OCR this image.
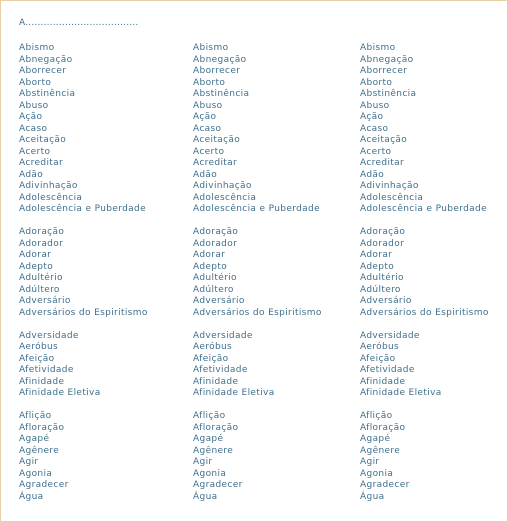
A.....................................
Abismo
Abnegação
Aborrecer
Aborto
Abstinência
Abuso
Ação
Acaso
Aceitação
Acerto
Acreditar
Adão
Adivinhação
Adolescência
Adolescência e Puberdade
Adoração
Adorador
Adorar
Adepto
Adultério
Adúltero
Adversário
Adversários do Espiritismo
Adversidade
Aeróbus
Afeição
Afetividade
Afinidade
Afinidade Eletiva
Aflição
Afloração
Agapé
Agênere
Agir
Agonia
Agradecer
Água
Abismo
Abnegação
Aborrecer
Aborto
Abstinência
Abuso
Ação
Acaso
Aceitação
Acerto
Acreditar
Adão
Adivinhação
Adolescência
Adolescência e Puberdade
Adoração
Adorador
Adorar
Adepto
Adultério
Adúltero
Adversário
Adversários do Espiritismo
Adversidade
Aeróbus
Afeição
Afetividade
Afinidade
Afinidade Eletiva
Aflição
Afloração
Agapé
Agênere
Agir
Agonia
Agradecer
Água
Abismo
Abnegação
Aborrecer
Aborto
Abstinência
Abuso
Ação
Acaso
Aceitação
Acerto
Acreditar
Adão
Adivinhação
Adolescência
Adolescência e Puberdade
Adoração
Adorador
Adorar
Adepto
Adultério
Adúltero
Adversário
Adversários do Espiritismo
Adversidade
Aeróbus
Afeição
Afetividade
Afinidade
Afinidade Eletiva
Aflição
Afloração
Agapé
Agênere
Agir
Agonia
Agradecer
Água
